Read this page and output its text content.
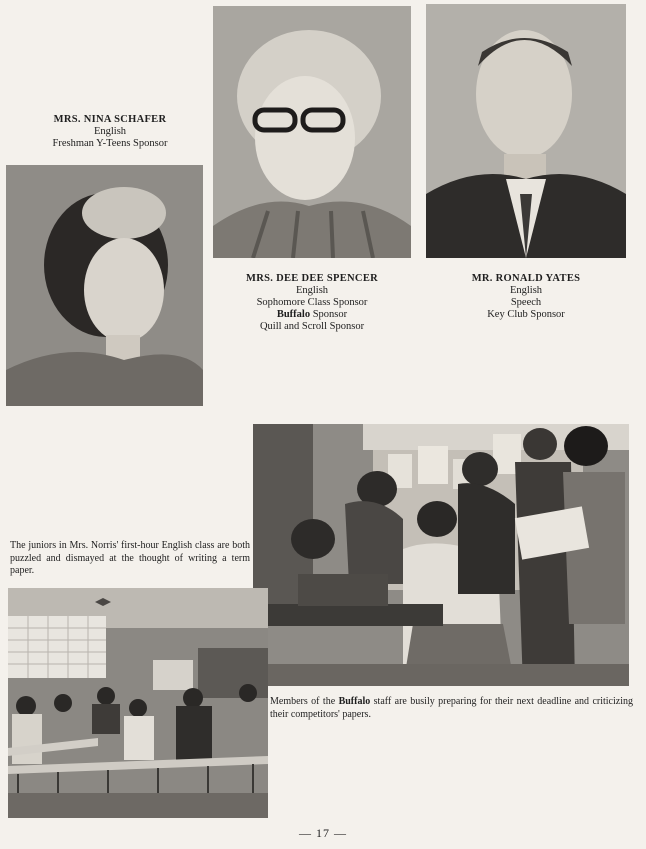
MRS. NINA SCHAFER
English
Freshman Y-Teens Sponsor
MRS. DEE DEE SPENCER
English
Sophomore Class Sponsor
Buffalo Sponsor
Quill and Scroll Sponsor
MR. RONALD YATES
English
Speech
Key Club Sponsor
The juniors in Mrs. Norris' first-hour English class are both puzzled and dismayed at the thought of writing a term paper.
Members of the Buffalo staff are busily preparing for their next deadline and criticizing their competitors' papers.
— 17 —
